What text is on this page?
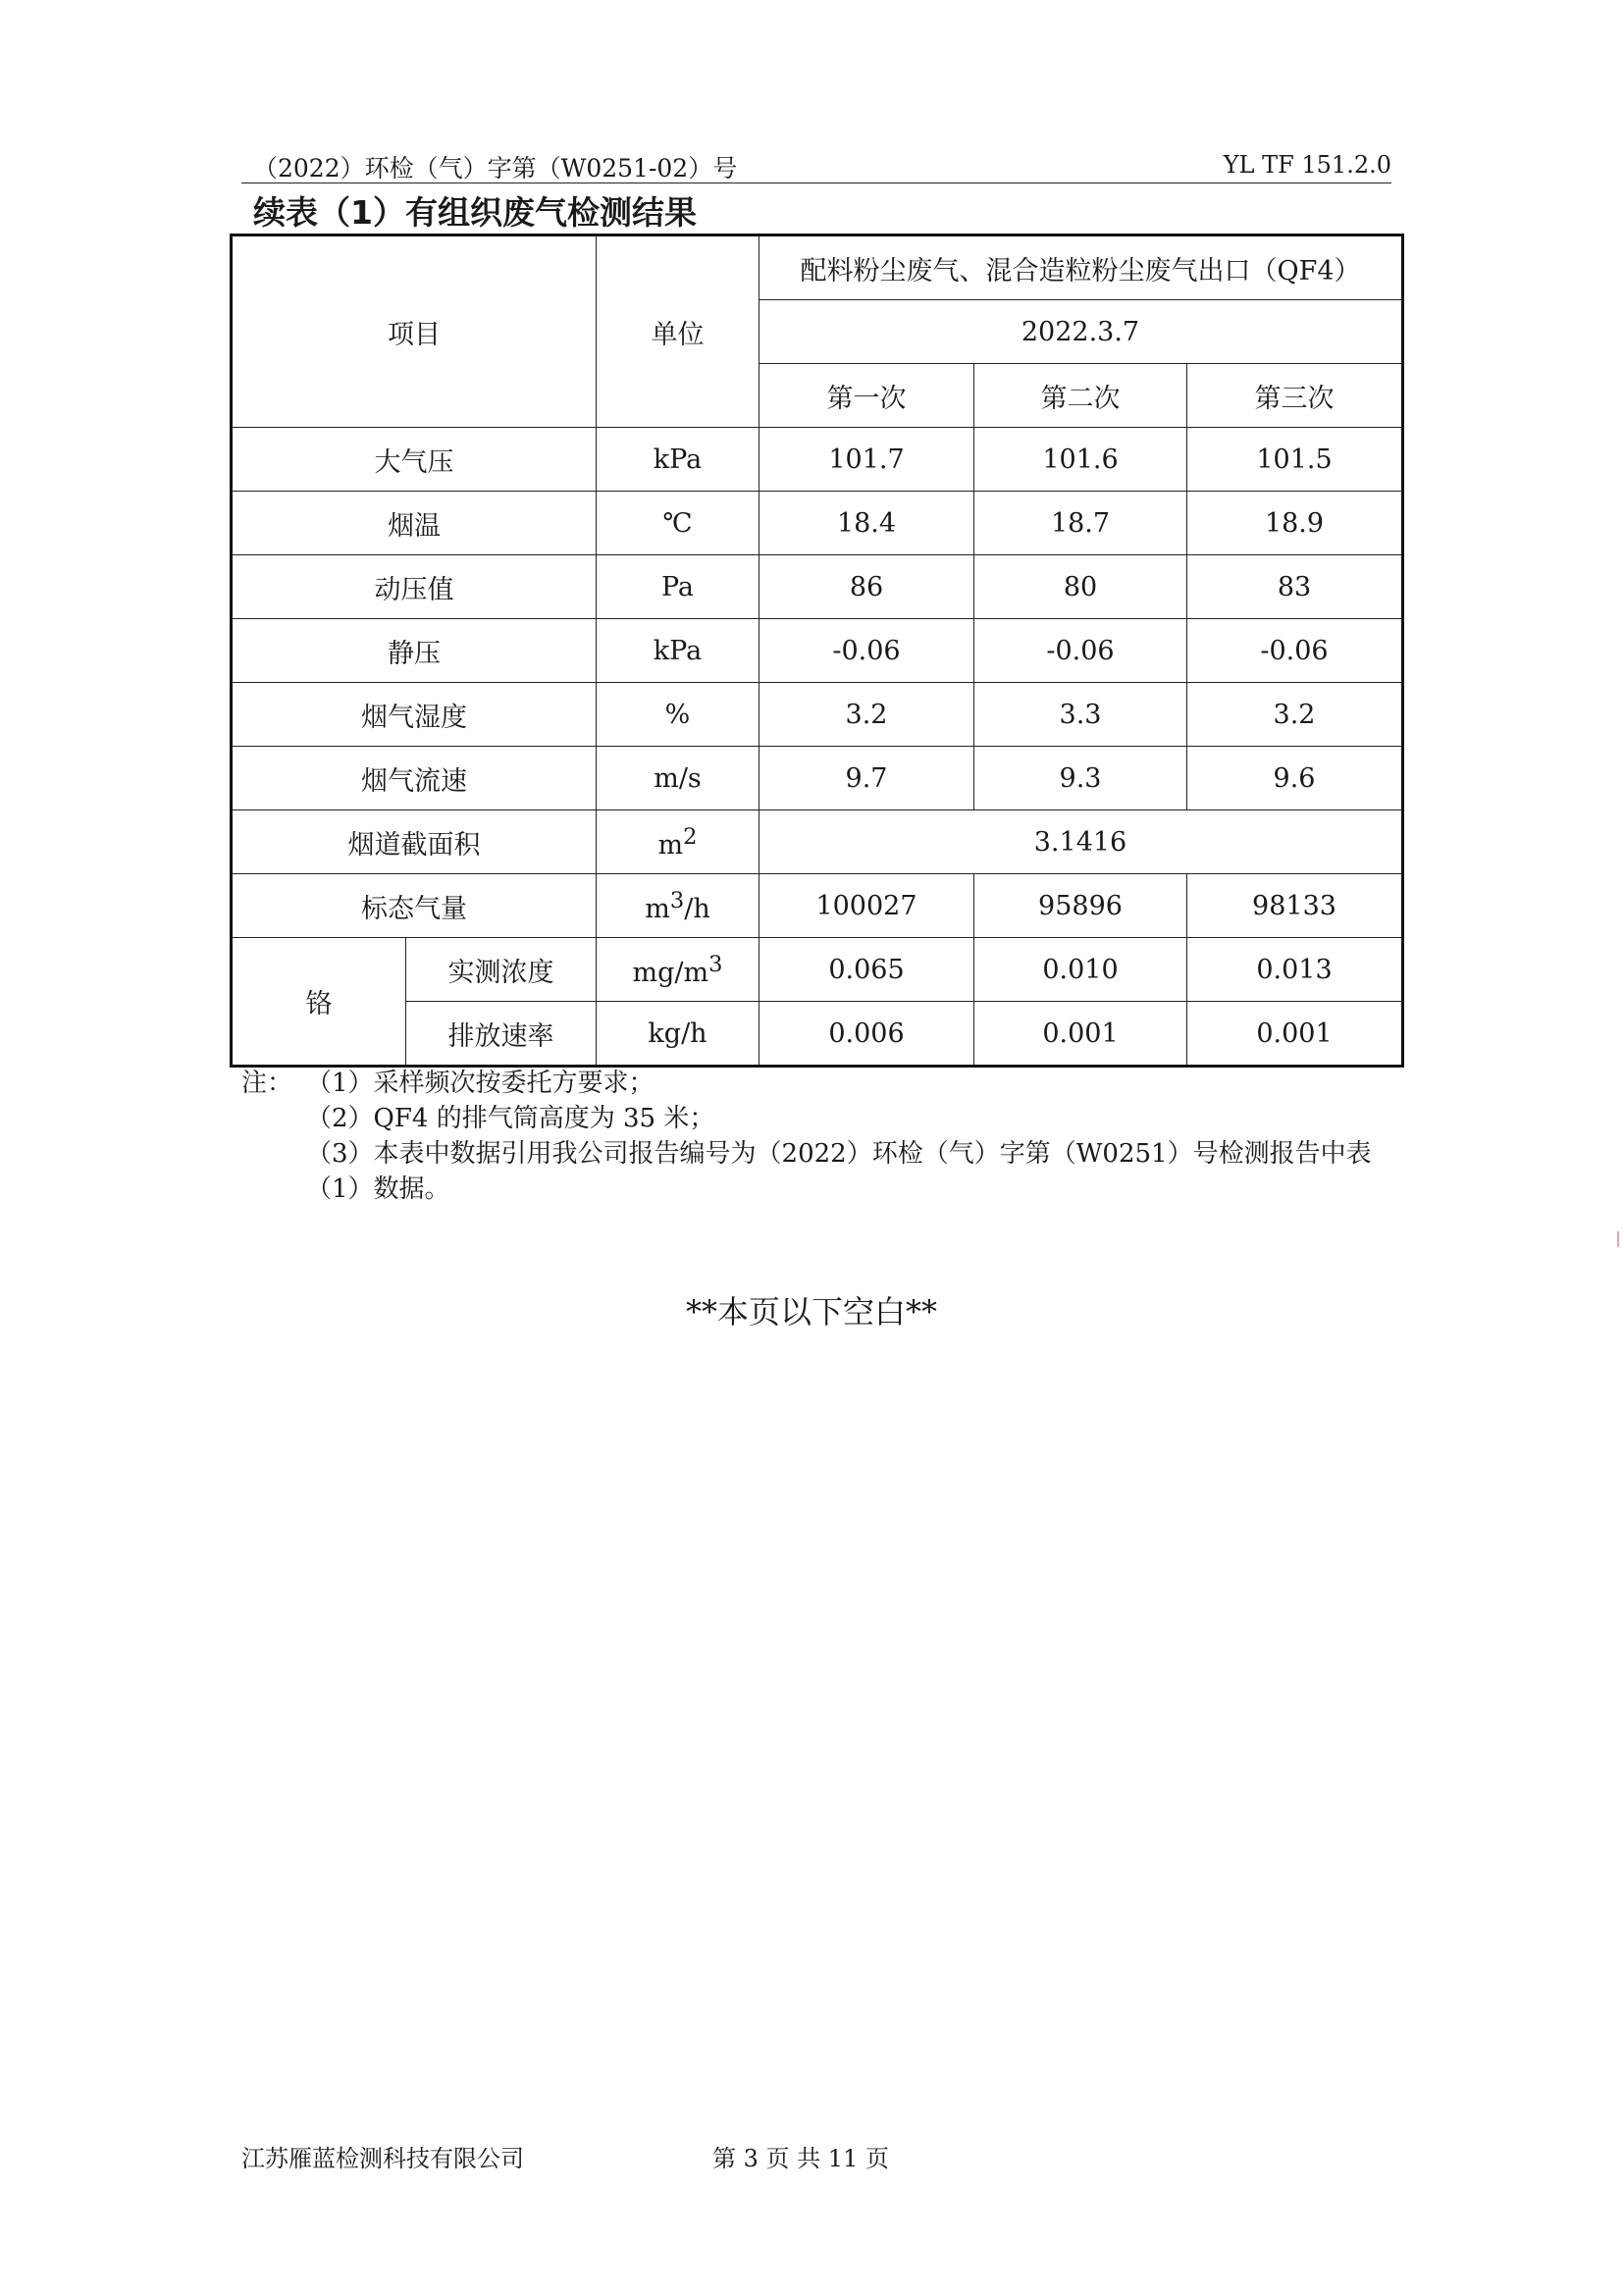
（2022）环检（气）字第（W0251-02）号	YL TF 151.2.0
续表（1）有组织废气检测结果
项目		单位	配料粉尘废气、混合造粒粉尘废气出口（QF4）		
			2022.3.7		
			第一次	第二次	第三次
大气压		kPa	101.7	101.6	101.5
烟温		℃	18.4	18.7	18.9
动压值		Pa	86	80	83
静压		kPa	-0.06	-0.06	-0.06
烟气湿度		%	3.2	3.3	3.2
烟气流速		m/s	9.7	9.3	9.6
烟道截面积		$m^2$	3.1416		
标态气量		$m^3/h$	100027	95896	98133
铬	实测浓度	$mg/m^3$	0.065	0.010	0.013
	排放速率	kg/h	0.006	0.001	0.001
注： （1）采样频次按委托方要求；
（2）QF4 的排气筒高度为 35 米；
（3）本表中数据引用我公司报告编号为（2022）环检（气）字第（W0251）号检测报告中表（1）数据。
**本页以下空白**
江苏雁蓝检测科技有限公司	第 3 页 共 11 页
